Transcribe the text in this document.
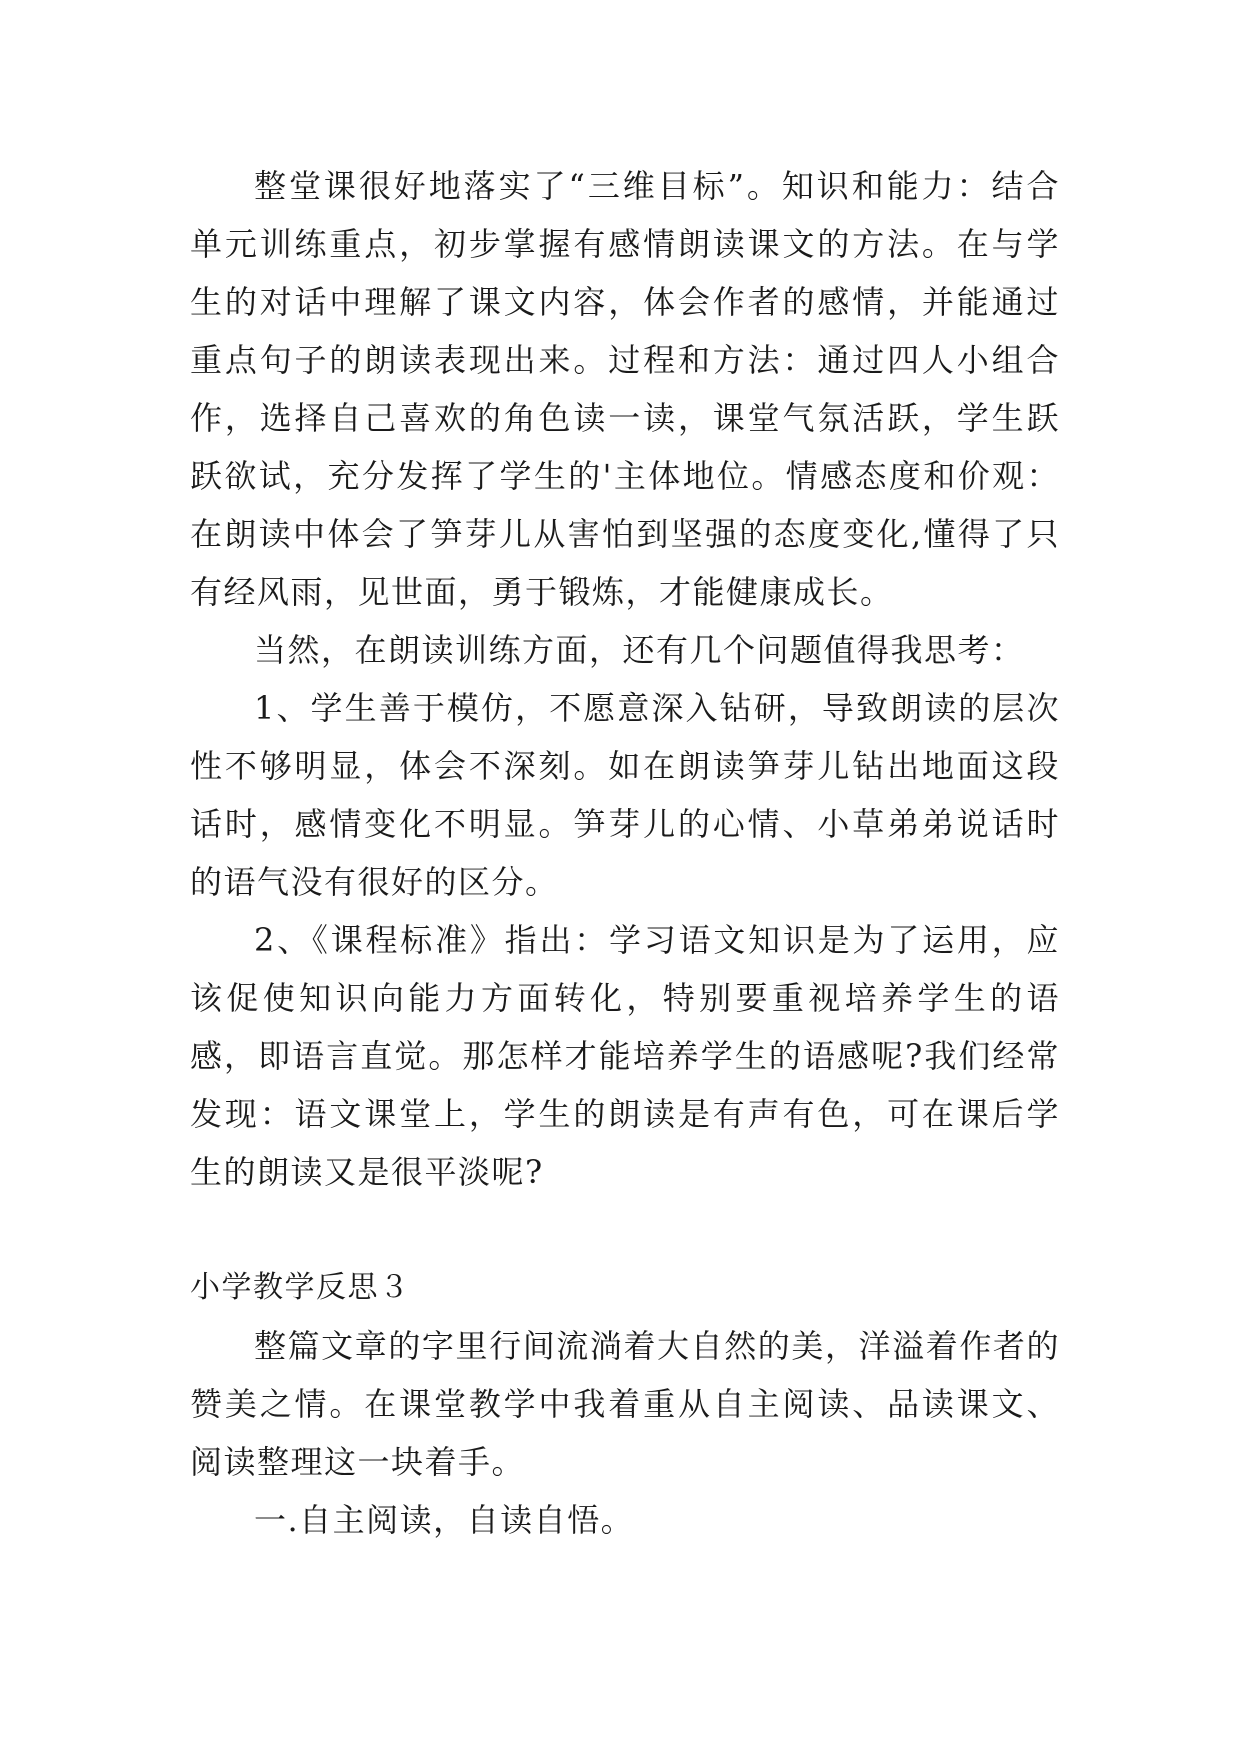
整堂课很好地落实了“三维目标”。知识和能力：结合单元训练重点，初步掌握有感情朗读课文的方法。在与学生的对话中理解了课文内容，体会作者的感情，并能通过重点句子的朗读表现出来。过程和方法：通过四人小组合作，选择自己喜欢的角色读一读，课堂气氛活跃，学生跃跃欲试，充分发挥了学生的'主体地位。情感态度和价观：在朗读中体会了笋芽儿从害怕到坚强的态度变化,懂得了只有经风雨，见世面，勇于锻炼，才能健康成长。

当然，在朗读训练方面，还有几个问题值得我思考：

1、学生善于模仿，不愿意深入钻研，导致朗读的层次性不够明显，体会不深刻。如在朗读笋芽儿钻出地面这段话时，感情变化不明显。笋芽儿的心情、小草弟弟说话时的语气没有很好的区分。

2、《课程标准》指出：学习语文知识是为了运用，应该促使知识向能力方面转化，特别要重视培养学生的语感，即语言直觉。那怎样才能培养学生的语感呢?我们经常发现：语文课堂上，学生的朗读是有声有色，可在课后学生的朗读又是很平淡呢?

小学教学反思３

整篇文章的字里行间流淌着大自然的美，洋溢着作者的赞美之情。在课堂教学中我着重从自主阅读、品读课文、阅读整理这一块着手。

一.自主阅读，自读自悟。
